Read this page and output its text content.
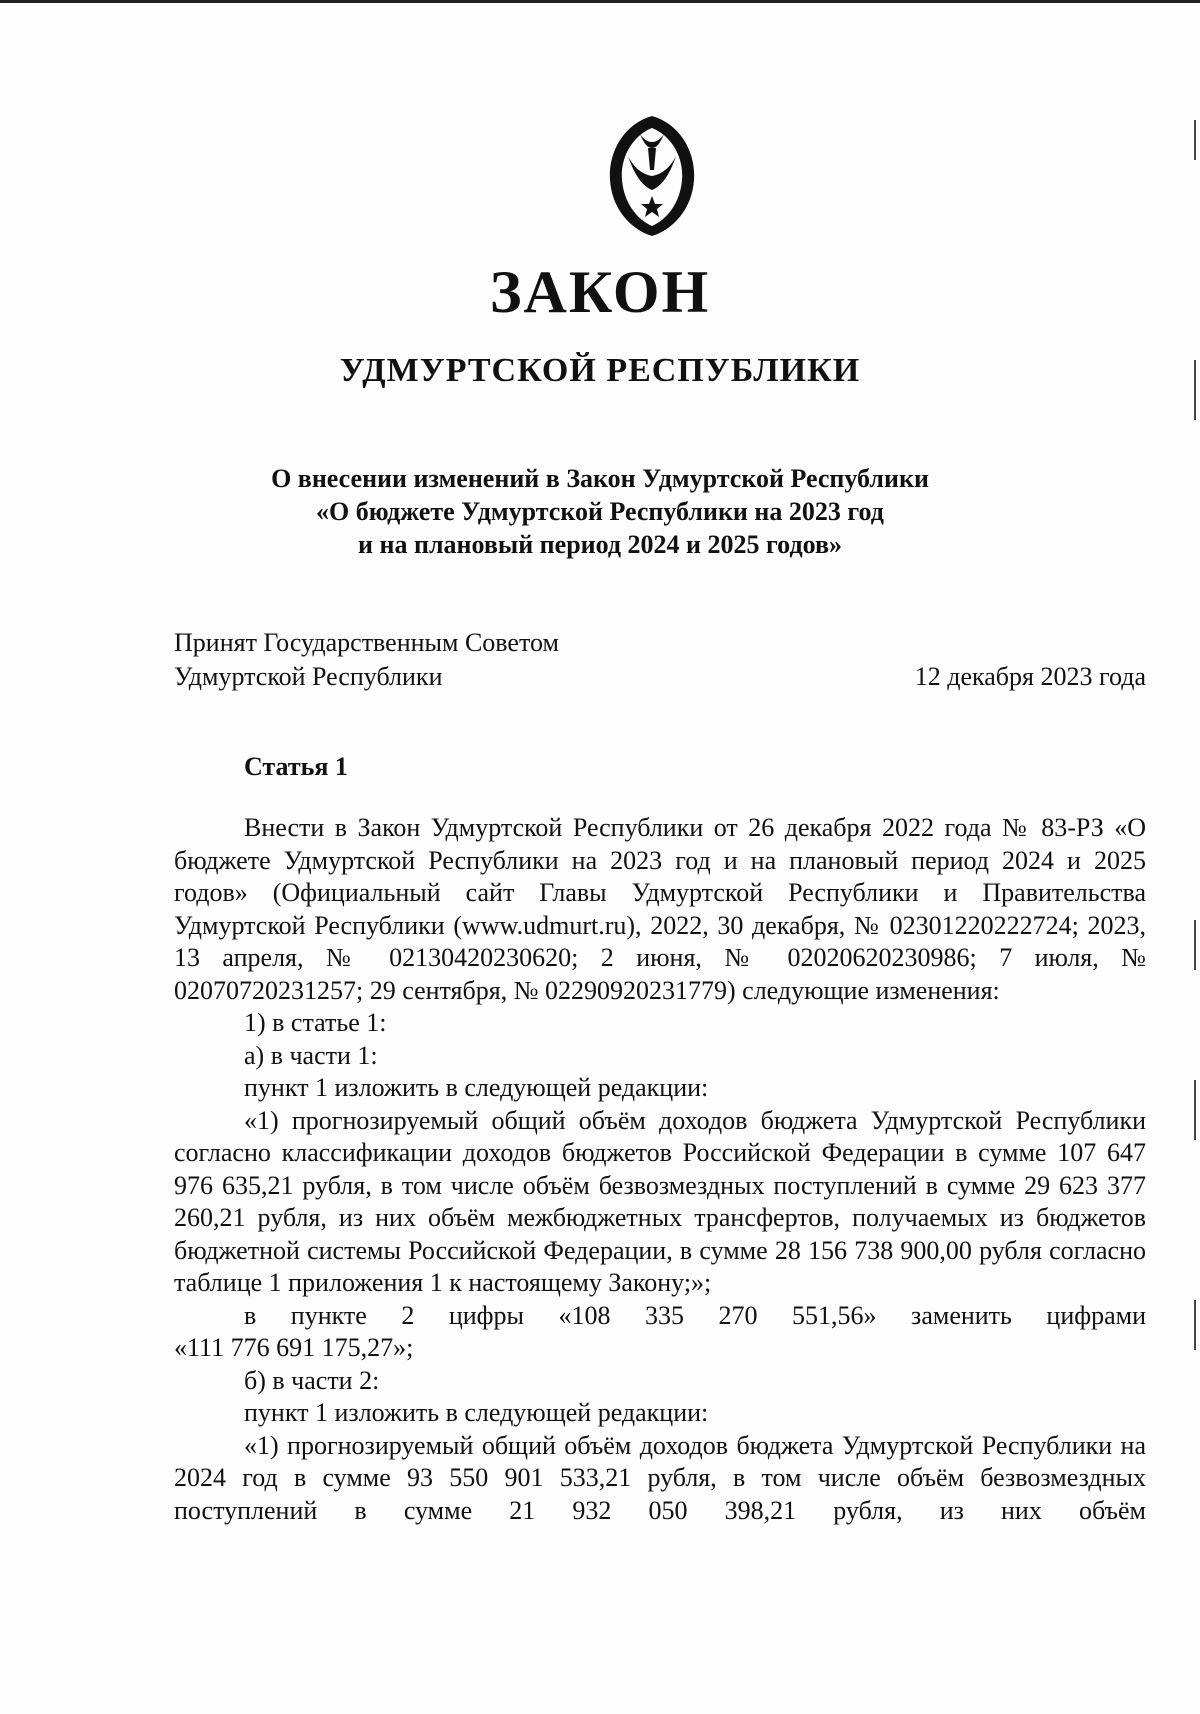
ЗАКОН
УДМУРТСКОЙ РЕСПУБЛИКИ
О внесении изменений в Закон Удмуртской Республики
«О бюджете Удмуртской Республики на 2023 год
и на плановый период 2024 и 2025 годов»
Принят Государственным Советом
Удмуртской Республики	12 декабря 2023 года
Статья 1

Внести в Закон Удмуртской Республики от 26 декабря 2022 года № 83-РЗ «О бюджете Удмуртской Республики на 2023 год и на плановый период 2024 и 2025 годов» (Официальный сайт Главы Удмуртской Республики и Правительства Удмуртской Республики (www.udmurt.ru), 2022, 30 декабря, № 02301220222724; 2023, 13 апреля, № 02130420230620; 2 июня, № 02020620230986; 7 июля, № 02070720231257; 29 сентября, № 02290920231779) следующие изменения:

1) в статье 1:

а) в части 1:

пункт 1 изложить в следующей редакции:

«1) прогнозируемый общий объём доходов бюджета Удмуртской Республики согласно классификации доходов бюджетов Российской Федерации в сумме 107 647 976 635,21 рубля, в том числе объём безвозмездных поступлений в сумме 29 623 377 260,21 рубля, из них объём межбюджетных трансфертов, получаемых из бюджетов бюджетной системы Российской Федерации, в сумме 28 156 738 900,00 рубля согласно таблице 1 приложения 1 к настоящему Закону;»;

в пункте 2 цифры «108 335 270 551,56» заменить цифрами

«111 776 691 175,27»;

б) в части 2:

пункт 1 изложить в следующей редакции:

«1) прогнозируемый общий объём доходов бюджета Удмуртской Республики на 2024 год в сумме 93 550 901 533,21 рубля, в том числе объём безвозмездных поступлений в сумме 21 932 050 398,21 рубля, из них объём
